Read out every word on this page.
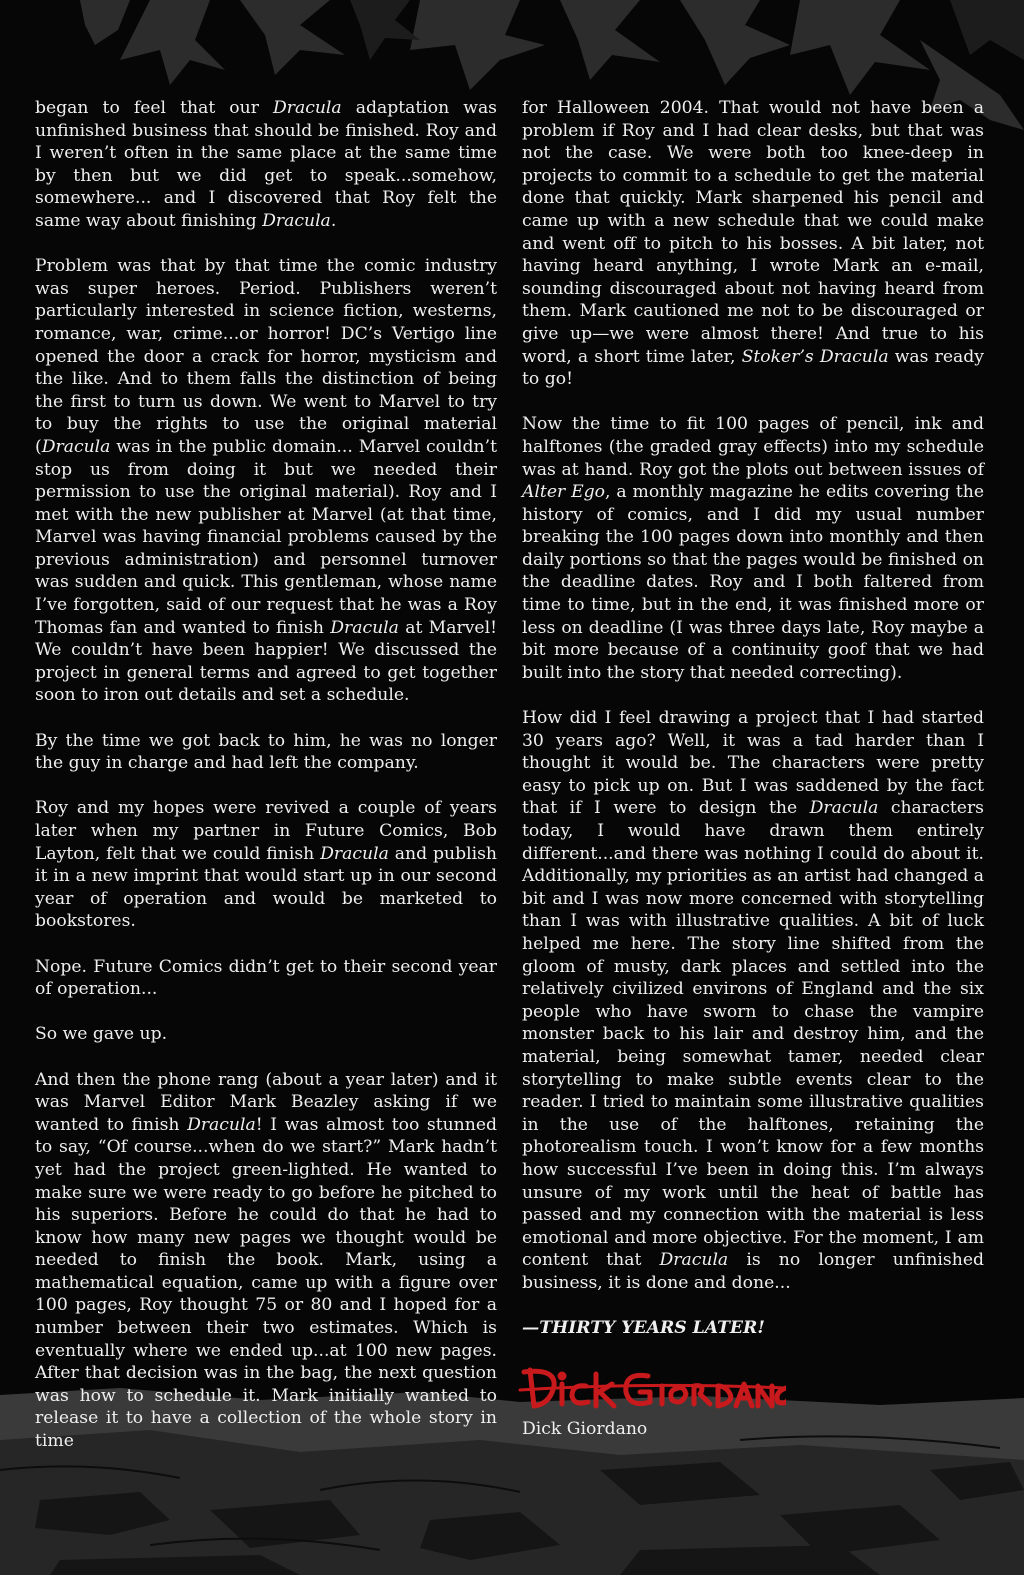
began to feel that our Dracula adaptation was unfinished business that should be finished. Roy and I weren’t often in the same place at the same time by then but we did get to speak...somehow, somewhere... and I discovered that Roy felt the same way about finishing Dracula.

Problem was that by that time the comic industry was super heroes. Period. Publishers weren’t particularly interested in science fiction, westerns, romance, war, crime...or horror! DC’s Vertigo line opened the door a crack for horror, mysticism and the like. And to them falls the distinction of being the first to turn us down. We went to Marvel to try to buy the rights to use the original material (Dracula was in the public domain... Marvel couldn’t stop us from doing it but we needed their permission to use the original material). Roy and I met with the new publisher at Marvel (at that time, Marvel was having financial problems caused by the previous administration) and personnel turnover was sudden and quick. This gentleman, whose name I’ve forgotten, said of our request that he was a Roy Thomas fan and wanted to finish Dracula at Marvel! We couldn’t have been happier! We discussed the project in general terms and agreed to get together soon to iron out details and set a schedule.

By the time we got back to him, he was no longer the guy in charge and had left the company.

Roy and my hopes were revived a couple of years later when my partner in Future Comics, Bob Layton, felt that we could finish Dracula and publish it in a new imprint that would start up in our second year of operation and would be marketed to bookstores.

Nope. Future Comics didn’t get to their second year of operation...

So we gave up.

And then the phone rang (about a year later) and it was Marvel Editor Mark Beazley asking if we wanted to finish Dracula! I was almost too stunned to say, “Of course...when do we start?” Mark hadn’t yet had the project green-lighted. He wanted to make sure we were ready to go before he pitched to his superiors. Before he could do that he had to know how many new pages we thought would be needed to finish the book. Mark, using a mathematical equation, came up with a figure over 100 pages, Roy thought 75 or 80 and I hoped for a number between their two estimates. Which is eventually where we ended up...at 100 new pages. After that decision was in the bag, the next question was how to schedule it. Mark initially wanted to release it to have a collection of the whole story in time

for Halloween 2004. That would not have been a problem if Roy and I had clear desks, but that was not the case. We were both too knee-deep in projects to commit to a schedule to get the material done that quickly. Mark sharpened his pencil and came up with a new schedule that we could make and went off to pitch to his bosses. A bit later, not having heard anything, I wrote Mark an e-mail, sounding discouraged about not having heard from them. Mark cautioned me not to be discouraged or give up—we were almost there! And true to his word, a short time later, Stoker’s Dracula was ready to go!

Now the time to fit 100 pages of pencil, ink and halftones (the graded gray effects) into my schedule was at hand. Roy got the plots out between issues of Alter Ego, a monthly magazine he edits covering the history of comics, and I did my usual number breaking the 100 pages down into monthly and then daily portions so that the pages would be finished on the deadline dates. Roy and I both faltered from time to time, but in the end, it was finished more or less on deadline (I was three days late, Roy maybe a bit more because of a continuity goof that we had built into the story that needed correcting).

How did I feel drawing a project that I had started 30 years ago? Well, it was a tad harder than I thought it would be. The characters were pretty easy to pick up on. But I was saddened by the fact that if I were to design the Dracula characters today, I would have drawn them entirely different...and there was nothing I could do about it. Additionally, my priorities as an artist had changed a bit and I was now more concerned with storytelling than I was with illustrative qualities. A bit of luck helped me here. The story line shifted from the gloom of musty, dark places and settled into the relatively civilized environs of England and the six people who have sworn to chase the vampire monster back to his lair and destroy him, and the material, being somewhat tamer, needed clear storytelling to make subtle events clear to the reader. I tried to maintain some illustrative qualities in the use of the halftones, retaining the photorealism touch. I won’t know for a few months how successful I’ve been in doing this. I’m always unsure of my work until the heat of battle has passed and my connection with the material is less emotional and more objective. For the moment, I am content that Dracula is no longer unfinished business, it is done and done...

—THIRTY YEARS LATER!

Dick Giordano
